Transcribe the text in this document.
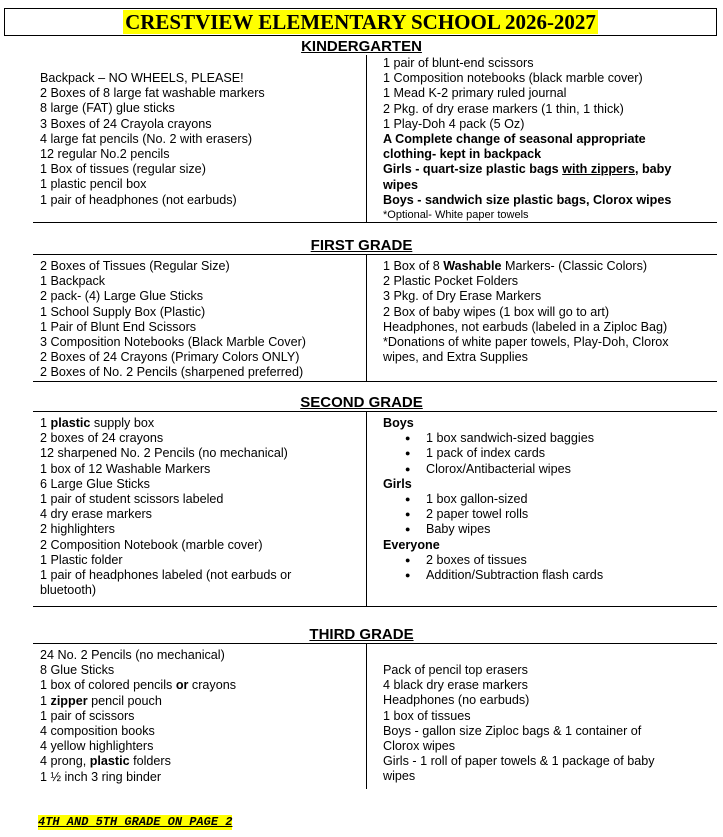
CRESTVIEW ELEMENTARY SCHOOL 2026-2027
KINDERGARTEN
Backpack – NO WHEELS, PLEASE!
2 Boxes of 8 large fat washable markers
8 large (FAT) glue sticks
3 Boxes of 24 Crayola crayons
4 large fat pencils (No. 2 with erasers)
12 regular No.2 pencils
1 Box of tissues (regular size)
1 plastic pencil box
1 pair of headphones (not earbuds)
1 pair of blunt-end scissors
1 Composition notebooks (black marble cover)
1 Mead K-2 primary ruled journal
2 Pkg. of dry erase markers (1 thin, 1 thick)
1 Play-Doh 4 pack (5 Oz)
A Complete change of seasonal appropriate clothing- kept in backpack
Girls - quart-size plastic bags with zippers, baby wipes
Boys - sandwich size plastic bags, Clorox wipes
*Optional- White paper towels
FIRST GRADE
2 Boxes of Tissues (Regular Size)
1 Backpack
2 pack- (4) Large Glue Sticks
1 School Supply Box (Plastic)
1 Pair of Blunt End Scissors
3 Composition Notebooks (Black Marble Cover)
2 Boxes of 24 Crayons (Primary Colors ONLY)
2 Boxes of No. 2 Pencils (sharpened preferred)
1 Box of 8 Washable Markers- (Classic Colors)
2 Plastic Pocket Folders
3 Pkg. of Dry Erase Markers
2 Box of baby wipes (1 box will go to art)
Headphones, not earbuds (labeled in a Ziploc Bag)
*Donations of white paper towels, Play-Doh, Clorox wipes, and Extra Supplies
SECOND GRADE
1 plastic supply box
2 boxes of 24 crayons
12 sharpened No. 2 Pencils (no mechanical)
1 box of 12 Washable Markers
6 Large Glue Sticks
1 pair of student scissors labeled
4 dry erase markers
2 highlighters
2 Composition Notebook (marble cover)
1 Plastic folder
1 pair of headphones labeled (not earbuds or bluetooth)
Boys
● 1 box sandwich-sized baggies
● 1 pack of index cards
● Clorox/Antibacterial wipes
Girls
● 1 box gallon-sized
● 2 paper towel rolls
● Baby wipes
Everyone
● 2 boxes of tissues
● Addition/Subtraction flash cards
THIRD GRADE
24 No. 2 Pencils (no mechanical)
8 Glue Sticks
1 box of colored pencils or crayons
1 zipper pencil pouch
1 pair of scissors
4 composition books
4 yellow highlighters
4 prong, plastic folders
1 ½ inch 3 ring binder
Pack of pencil top erasers
4 black dry erase markers
Headphones (no earbuds)
1 box of tissues
Boys - gallon size Ziploc bags & 1 container of Clorox wipes
Girls - 1 roll of paper towels & 1 package of baby wipes
4TH AND 5TH GRADE ON PAGE 2
